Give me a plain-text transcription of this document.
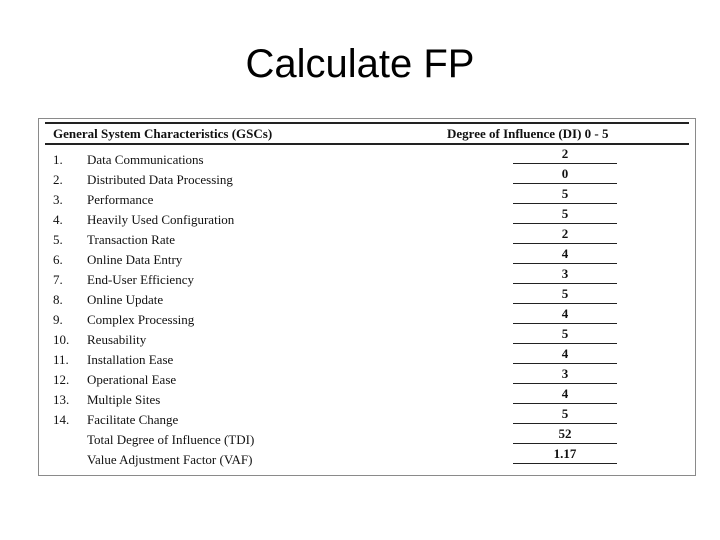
Calculate FP
General System Characteristics (GSCs)	Degree of Influence (DI) 0 - 5
1. Data Communications	2
2. Distributed Data Processing	0
3. Performance	5
4. Heavily Used Configuration	5
5. Transaction Rate	2
6. Online Data Entry	4
7. End-User Efficiency	3
8. Online Update	5
9. Complex Processing	4
10. Reusability	5
11. Installation Ease	4
12. Operational Ease	3
13. Multiple Sites	4
14. Facilitate Change	5
Total Degree of Influence (TDI)	52
Value Adjustment Factor (VAF)	1.17
